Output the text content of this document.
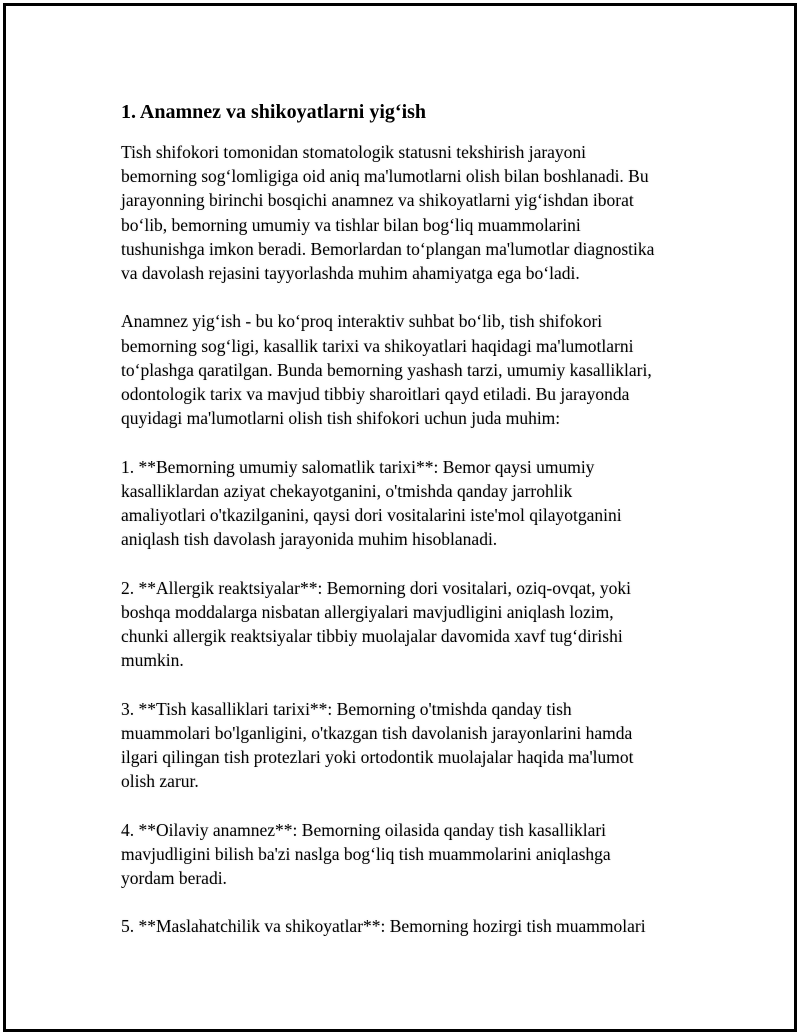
1. Anamnez va shikoyatlarni yig‘ish
Tish shifokori tomonidan stomatologik statusni tekshirish jarayoni
bemorning sog‘lomligiga oid aniq ma'lumotlarni olish bilan boshlanadi. Bu
jarayonning birinchi bosqichi anamnez va shikoyatlarni yig‘ishdan iborat
bo‘lib, bemorning umumiy va tishlar bilan bog‘liq muammolarini
tushunishga imkon beradi. Bemorlardan to‘plangan ma'lumotlar diagnostika
va davolash rejasini tayyorlashda muhim ahamiyatga ega bo‘ladi.
Anamnez yig‘ish - bu ko‘proq interaktiv suhbat bo‘lib, tish shifokori
bemorning sog‘ligi, kasallik tarixi va shikoyatlari haqidagi ma'lumotlarni
to‘plashga qaratilgan. Bunda bemorning yashash tarzi, umumiy kasalliklari,
odontologik tarix va mavjud tibbiy sharoitlari qayd etiladi. Bu jarayonda
quyidagi ma'lumotlarni olish tish shifokori uchun juda muhim:
1. **Bemorning umumiy salomatlik tarixi**: Bemor qaysi umumiy
kasalliklardan aziyat chekayotganini, o'tmishda qanday jarrohlik
amaliyotlari o'tkazilganini, qaysi dori vositalarini iste'mol qilayotganini
aniqlash tish davolash jarayonida muhim hisoblanadi.
2. **Allergik reaktsiyalar**: Bemorning dori vositalari, oziq-ovqat, yoki
boshqa moddalarga nisbatan allergiyalari mavjudligini aniqlash lozim,
chunki allergik reaktsiyalar tibbiy muolajalar davomida xavf tug‘dirishi
mumkin.
3. **Tish kasalliklari tarixi**: Bemorning o'tmishda qanday tish
muammolari bo'lganligini, o'tkazgan tish davolanish jarayonlarini hamda
ilgari qilingan tish protezlari yoki ortodontik muolajalar haqida ma'lumot
olish zarur.
4. **Oilaviy anamnez**: Bemorning oilasida qanday tish kasalliklari
mavjudligini bilish ba'zi naslga bog‘liq tish muammolarini aniqlashga
yordam beradi.
5. **Maslahatchilik va shikoyatlar**: Bemorning hozirgi tish muammolari
